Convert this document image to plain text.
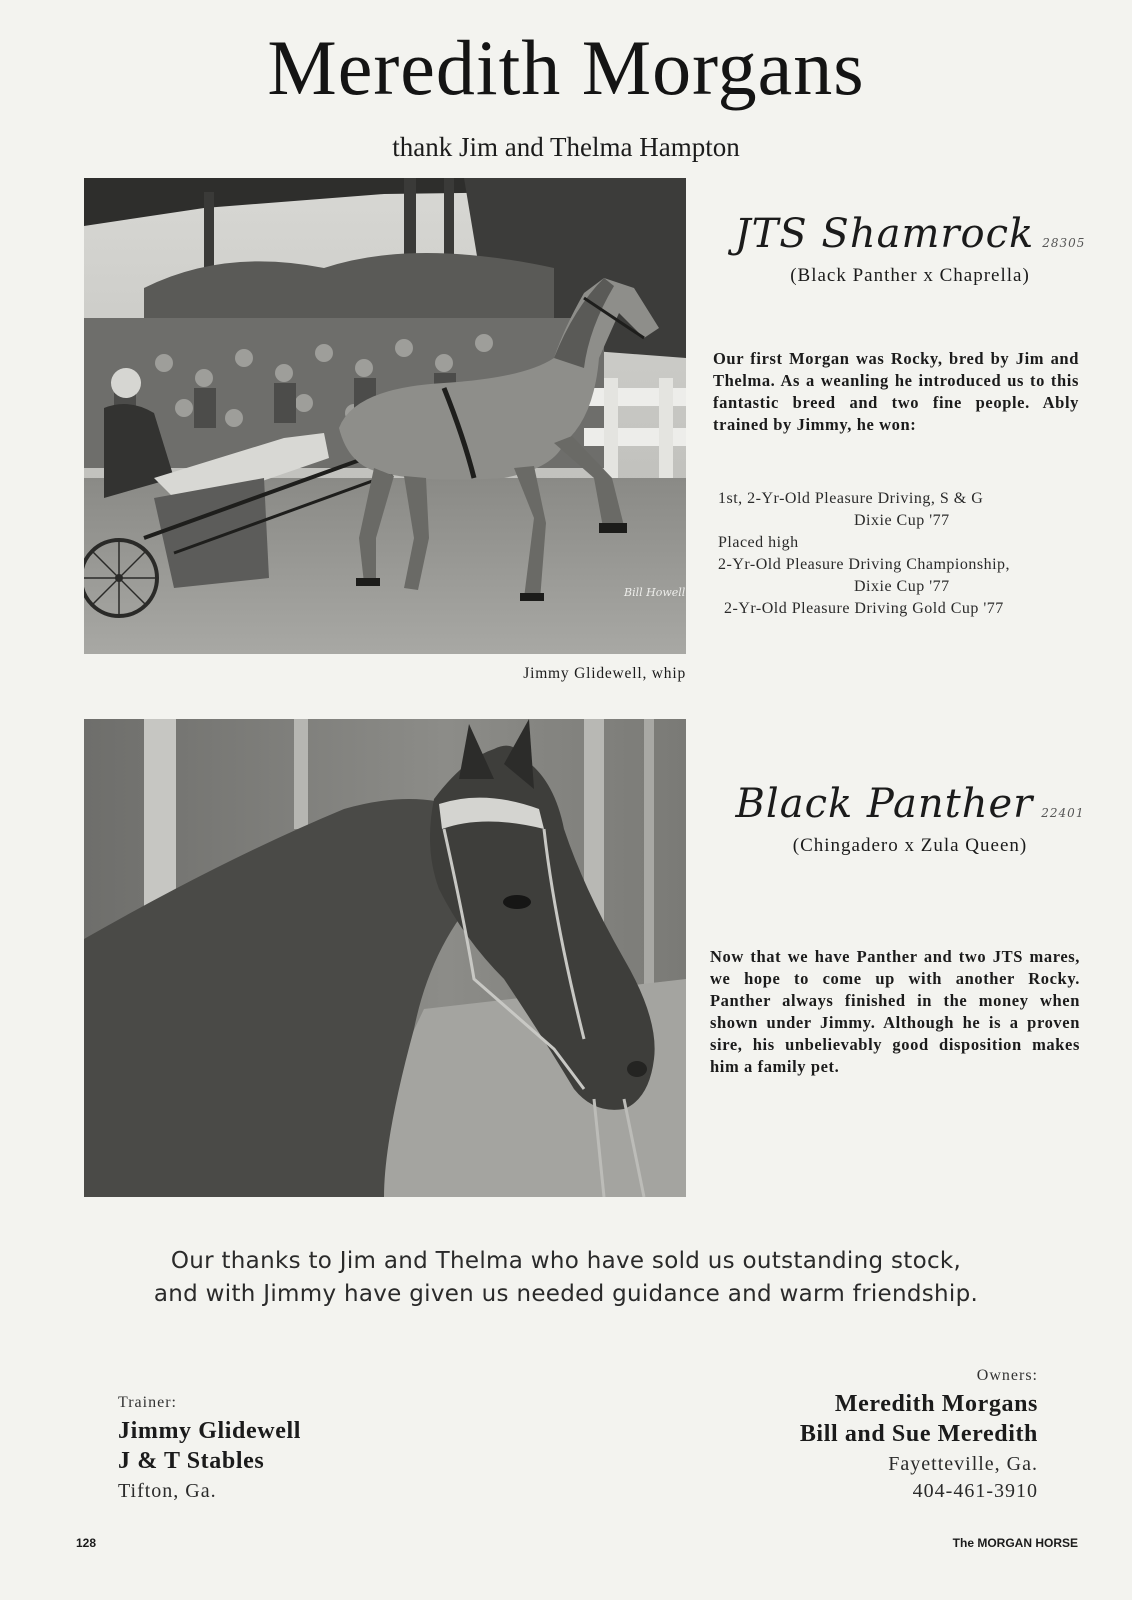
Meredith Morgans
thank Jim and Thelma Hampton
Bill Howell
JTS Shamrock 28305
(Black Panther x Chaprella)
Our first Morgan was Rocky, bred by Jim and Thelma. As a weanling he introduced us to this fantastic breed and two fine people. Ably trained by Jimmy, he won:
1st, 2-Yr-Old Pleasure Driving, S & G
Dixie Cup '77
Placed high
2-Yr-Old Pleasure Driving Championship,
Dixie Cup '77
2-Yr-Old Pleasure Driving Gold Cup '77
Jimmy Glidewell, whip
Black Panther 22401
(Chingadero x Zula Queen)
Now that we have Panther and two JTS mares, we hope to come up with another Rocky. Panther always finished in the money when shown under Jimmy. Although he is a proven sire, his unbelievably good disposition makes him a family pet.
Our thanks to Jim and Thelma who have sold us outstanding stock,
and with Jimmy have given us needed guidance and warm friendship.
Trainer:
Jimmy Glidewell
J & T Stables
Tifton, Ga.
Owners:
Meredith Morgans
Bill and Sue Meredith
Fayetteville, Ga.
404-461-3910
128	The MORGAN HORSE
